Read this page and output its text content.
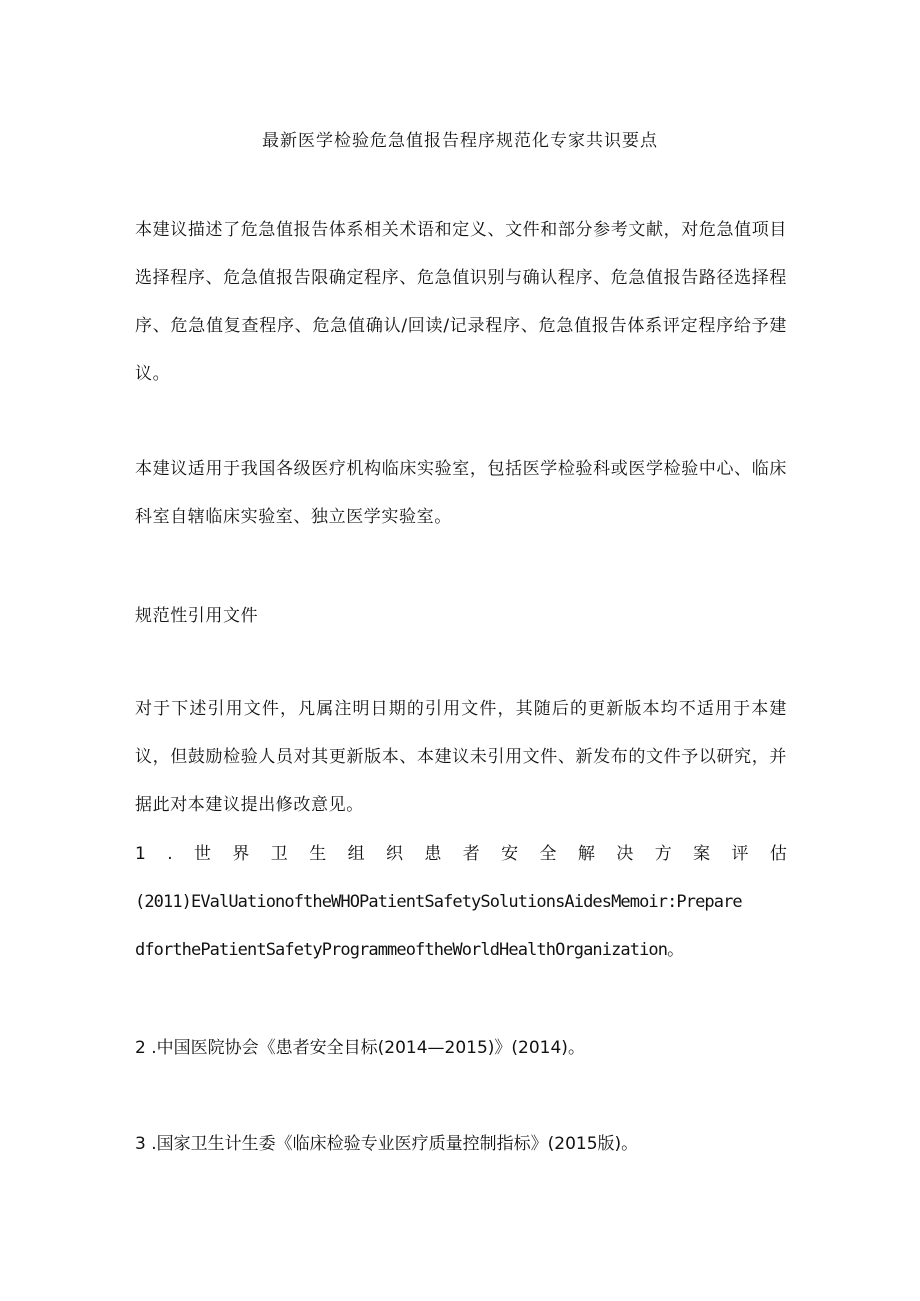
最新医学检验危急值报告程序规范化专家共识要点

本建议描述了危急值报告体系相关术语和定义、文件和部分参考文献，对危急值项目选择程序、危急值报告限确定程序、危急值识别与确认程序、危急值报告路径选择程序、危急值复查程序、危急值确认/回读/记录程序、危急值报告体系评定程序给予建议。

本建议适用于我国各级医疗机构临床实验室，包括医学检验科或医学检验中心、临床科室自辖临床实验室、独立医学实验室。

规范性引用文件

对于下述引用文件，凡属注明日期的引用文件，其随后的更新版本均不适用于本建议，但鼓励检验人员对其更新版本、本建议未引用文件、新发布的文件予以研究，并据此对本建议提出修改意见。

1 . 世 界 卫 生 组 织 患 者 安 全 解 决 方 案 评 估
(2011)EValUationoftheWHOPatientSafetySolutionsAidesMemoir:Prepare
dforthePatientSafetyProgrammeoftheWorldHealthOrganization。
2 .中国医院协会《患者安全目标(2014—2015)》(2014)。
3 .国家卫生计生委《临床检验专业医疗质量控制指标》(2015版)。
